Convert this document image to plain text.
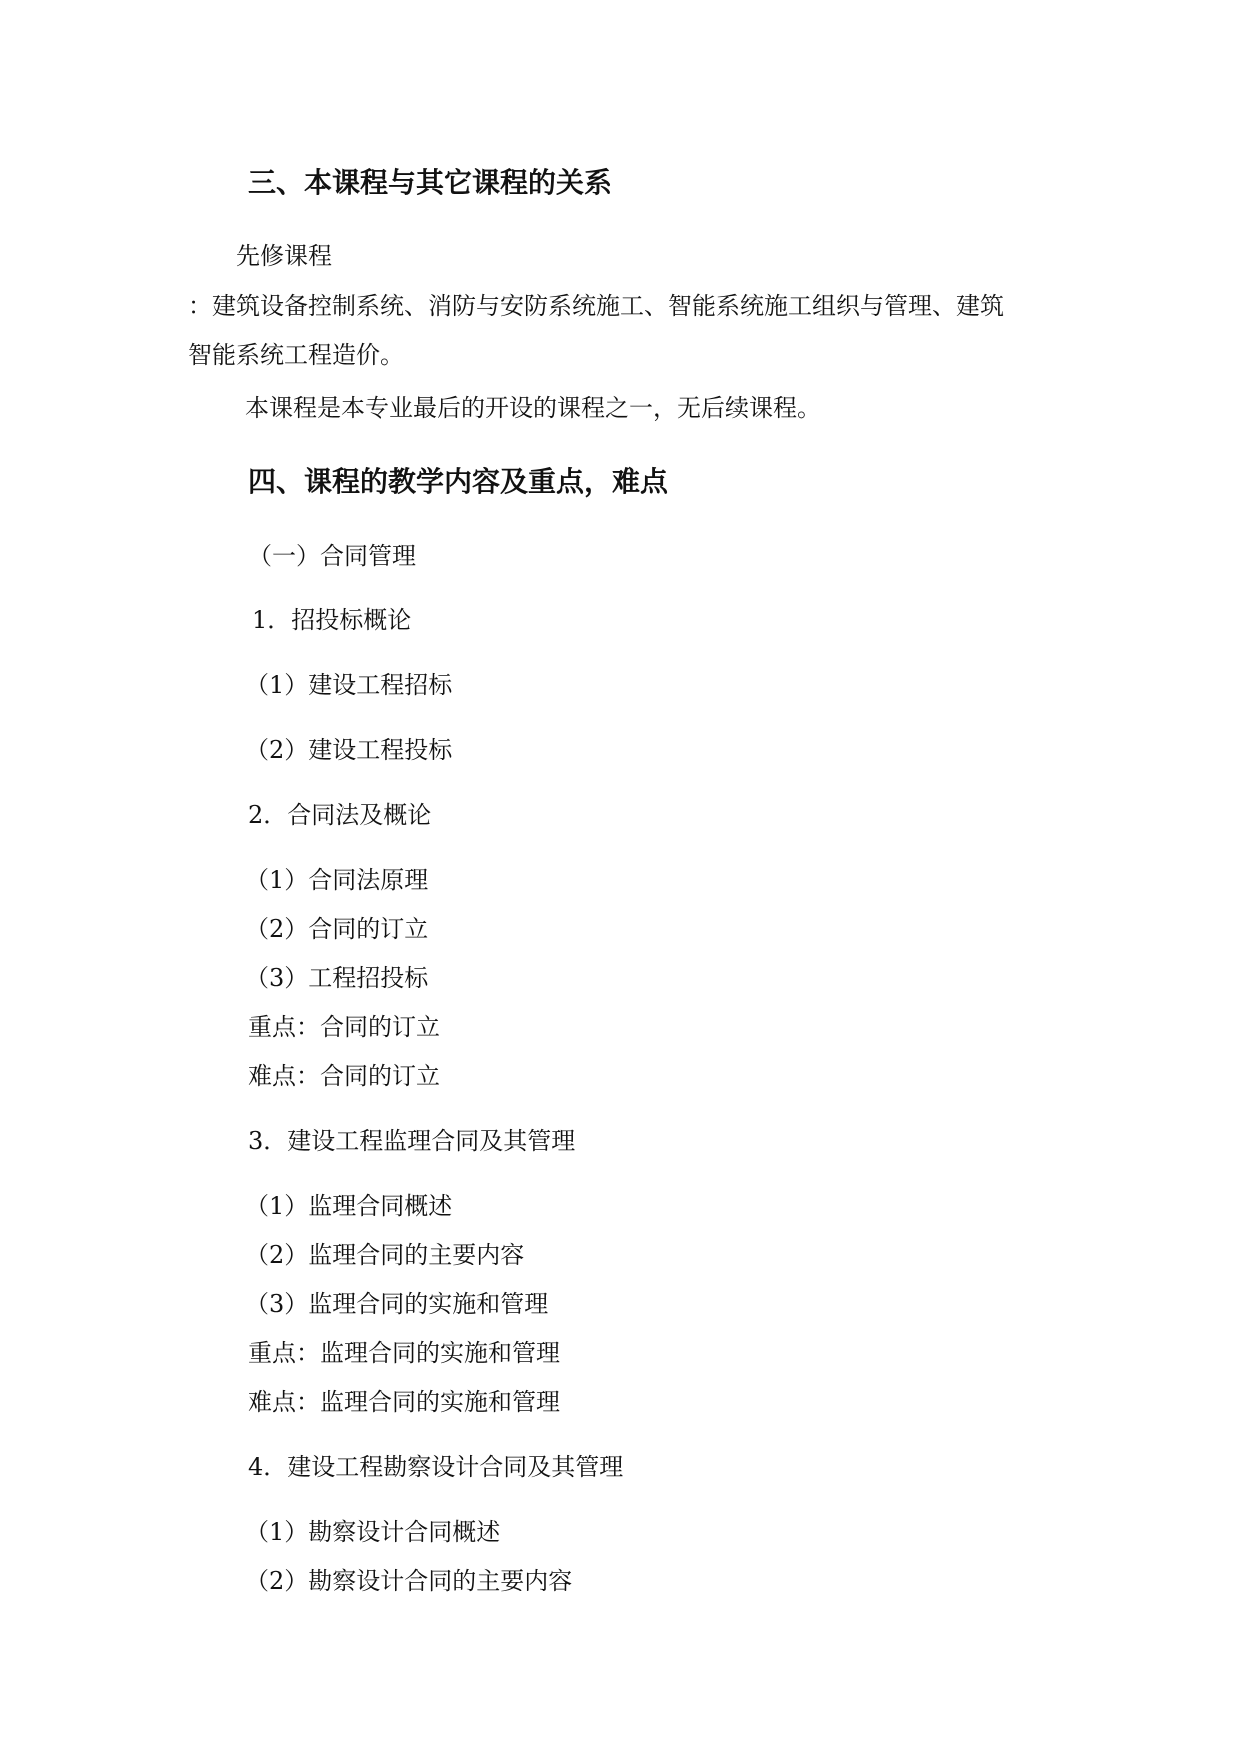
三、本课程与其它课程的关系
先修课程
：建筑设备控制系统、消防与安防系统施工、智能系统施工组织与管理、建筑
智能系统工程造价。
本课程是本专业最后的开设的课程之一，无后续课程。
四、课程的教学内容及重点，难点
（一）合同管理
1．招投标概论
（1）建设工程招标
（2）建设工程投标
2．合同法及概论
（1）合同法原理
（2）合同的订立
（3）工程招投标
重点：合同的订立
难点：合同的订立
3．建设工程监理合同及其管理
（1）监理合同概述
（2）监理合同的主要内容
（3）监理合同的实施和管理
重点：监理合同的实施和管理
难点：监理合同的实施和管理
4．建设工程勘察设计合同及其管理
（1）勘察设计合同概述
（2）勘察设计合同的主要内容
